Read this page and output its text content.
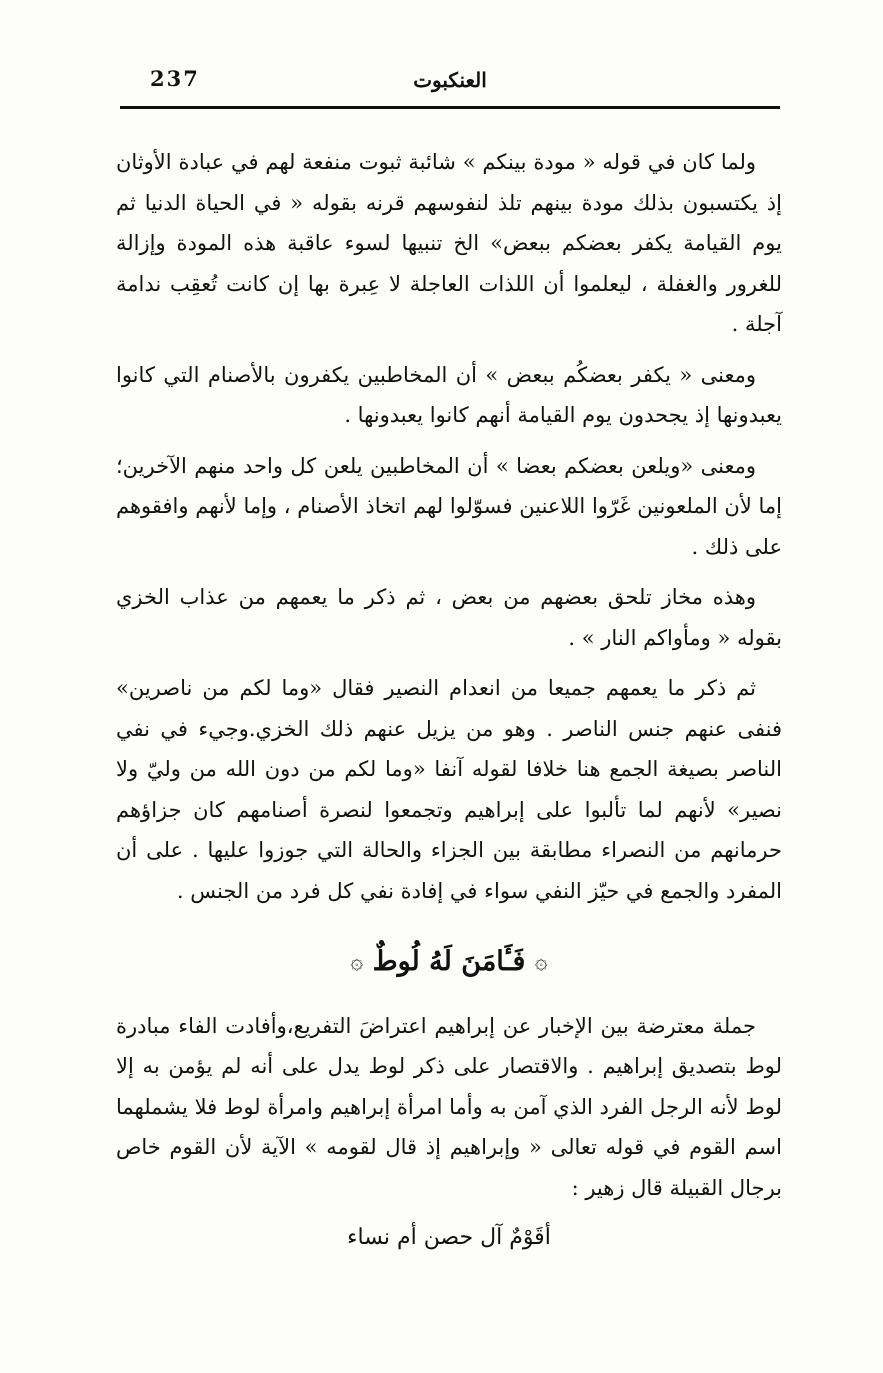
237	العنكبوت

ولما كان في قوله « مودة بينكم » شائبة ثبوت منفعة لهم في عبادة الأوثان إذ يكتسبون بذلك مودة بينهم تلذ لنفوسهم قرنه بقوله « في الحياة الدنيا ثم يوم القيامة يكفر بعضكم ببعض» الخ تنبيها لسوء عاقبة هذه المودة وإزالة للغرور والغفلة ، ليعلموا أن اللذات العاجلة لا عِبرة بها إن كانت تُعقِب ندامة آجلة .

ومعنى « يكفر بعضكُم ببعض » أن المخاطبين يكفرون بالأصنام التي كانوا يعبدونها إذ يجحدون يوم القيامة أنهم كانوا يعبدونها .

ومعنى «ويلعن بعضكم بعضا » أن المخاطبين يلعن كل واحد منهم الآخرين؛ إما لأن الملعونين غَرّوا اللاعنين فسوّلوا لهم اتخاذ الأصنام ، وإما لأنهم وافقوهم على ذلك .

وهذه مخاز تلحق بعضهم من بعض ، ثم ذكر ما يعمهم من عذاب الخزي بقوله « ومأواكم النار » .

ثم ذكر ما يعمهم جميعا من انعدام النصير فقال «وما لكم من ناصرين» فنفى عنهم جنس الناصر . وهو من يزيل عنهم ذلك الخزي.وجيء في نفي الناصر بصيغة الجمع هنا خلافا لقوله آنفا «وما لكم من دون الله من وليّ ولا نصير» لأنهم لما تألبوا على إبراهيم وتجمعوا لنصرة أصنامهم كان جزاؤهم حرمانهم من النصراء مطابقة بين الجزاء والحالة التي جوزوا عليها . على أن المفرد والجمع في حيّز النفي سواء في إفادة نفي كل فرد من الجنس .

۞ فَـَٔامَنَ لَهُ لُوطٌ ۞

جملة معترضة بين الإخبار عن إبراهيم اعتراضَ التفريع،وأفادت الفاء مبادرة لوط بتصديق إبراهيم . والاقتصار على ذكر لوط يدل على أنه لم يؤمن به إلا لوط لأنه الرجل الفرد الذي آمن به وأما امرأة إبراهيم وامرأة لوط فلا يشملهما اسم القوم في قوله تعالى « وإبراهيم إذ قال لقومه » الآية لأن القوم خاص برجال القبيلة قال زهير :

أقَوْمٌ آل حصن أم نساء
